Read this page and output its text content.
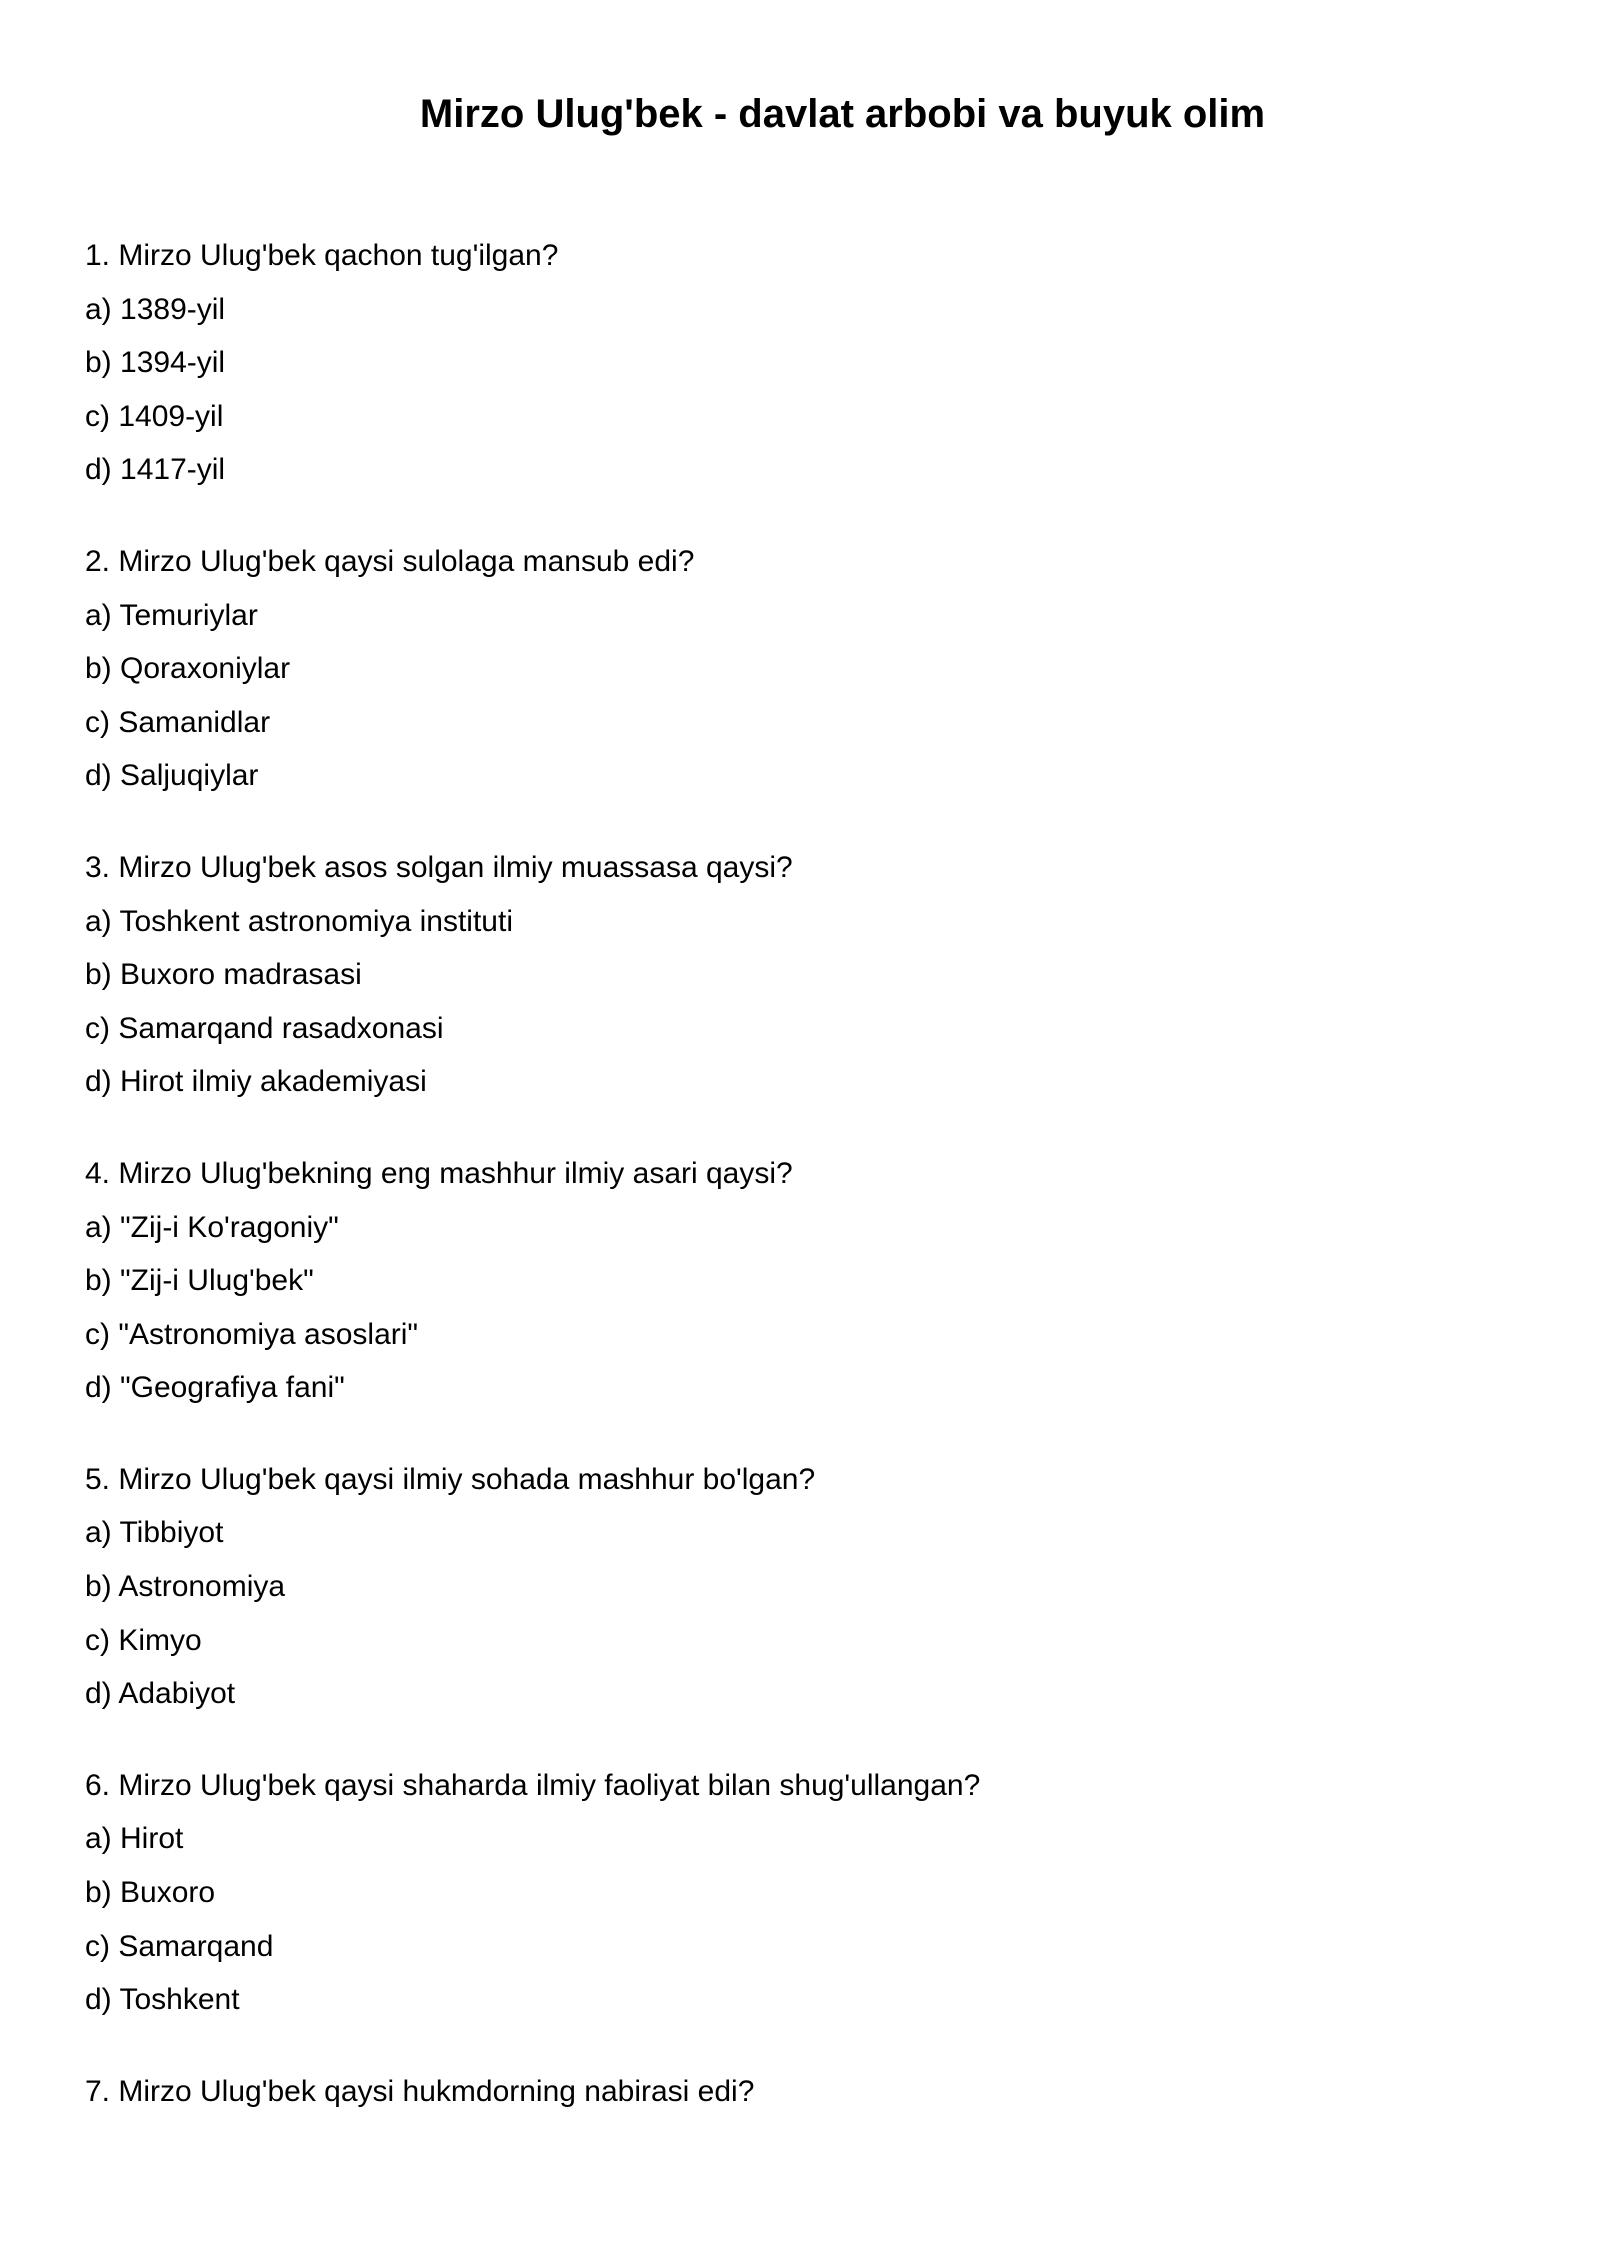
Mirzo Ulug'bek - davlat arbobi va buyuk olim
1. Mirzo Ulug'bek qachon tug'ilgan?
a) 1389-yil
b) 1394-yil
c) 1409-yil
d) 1417-yil
2. Mirzo Ulug'bek qaysi sulolaga mansub edi?
a) Temuriylar
b) Qoraxoniylar
c) Samanidlar
d) Saljuqiylar
3. Mirzo Ulug'bek asos solgan ilmiy muassasa qaysi?
a) Toshkent astronomiya instituti
b) Buxoro madrasasi
c) Samarqand rasadxonasi
d) Hirot ilmiy akademiyasi
4. Mirzo Ulug'bekning eng mashhur ilmiy asari qaysi?
a) "Zij-i Ko'ragoniy"
b) "Zij-i Ulug'bek"
c) "Astronomiya asoslari"
d) "Geografiya fani"
5. Mirzo Ulug'bek qaysi ilmiy sohada mashhur bo'lgan?
a) Tibbiyot
b) Astronomiya
c) Kimyo
d) Adabiyot
6. Mirzo Ulug'bek qaysi shaharda ilmiy faoliyat bilan shug'ullangan?
a) Hirot
b) Buxoro
c) Samarqand
d) Toshkent
7. Mirzo Ulug'bek qaysi hukmdorning nabirasi edi?
